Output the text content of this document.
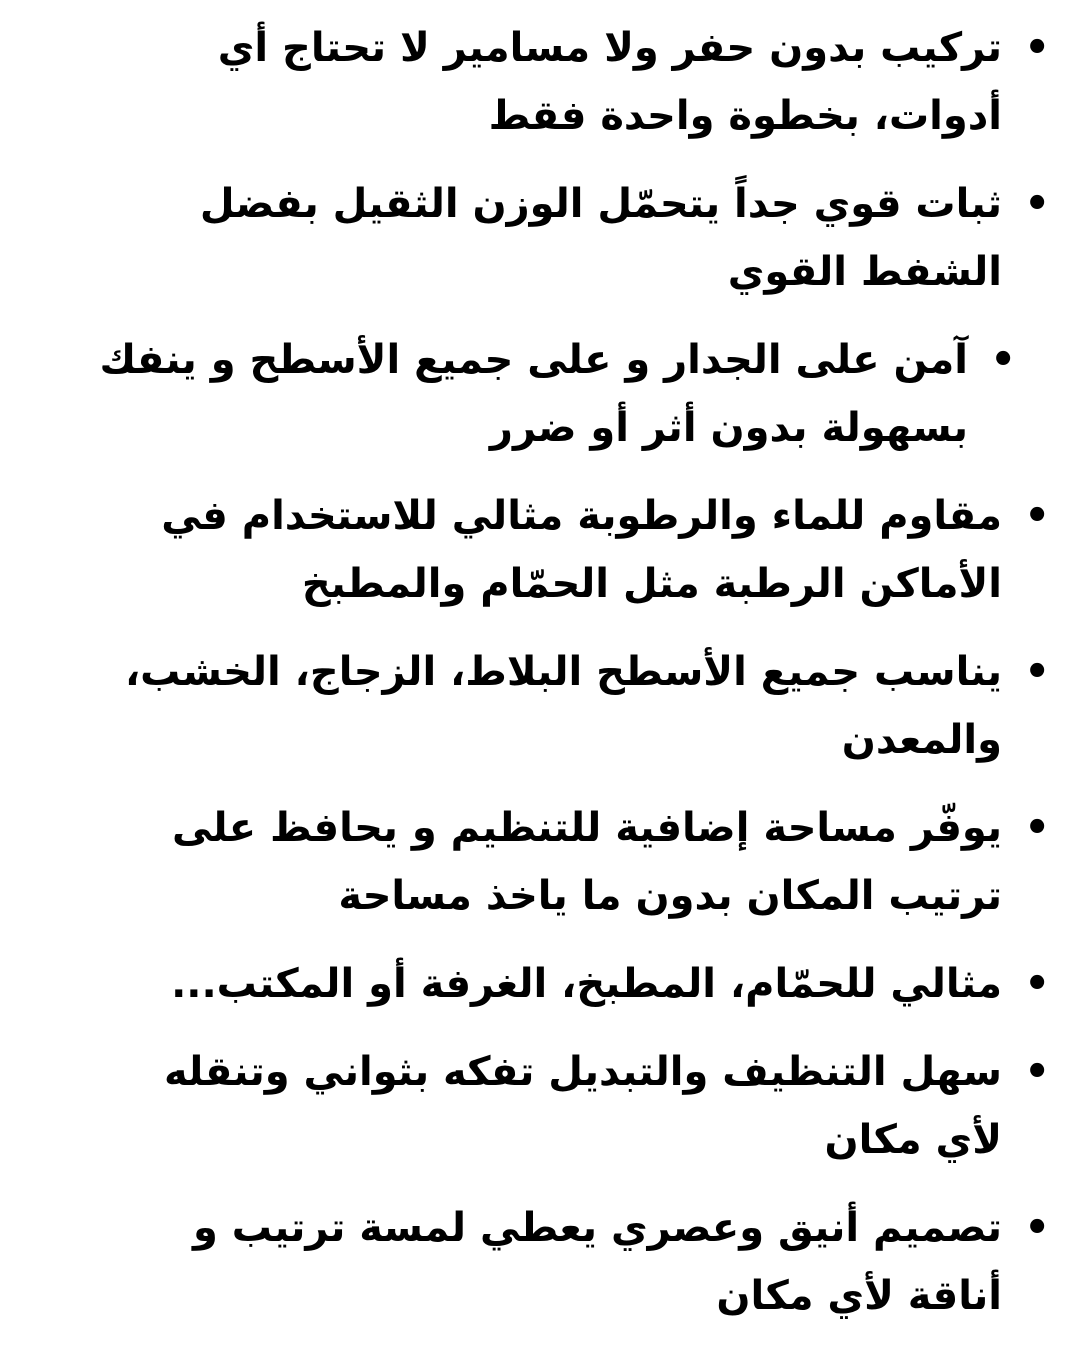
•
تركيب بدون حفر ولا مسامير لا تحتاج أي أدوات، بخطوة واحدة فقط
•
ثبات قوي جداً يتحمّل الوزن الثقيل بفضل الشفط القوي
•
آمن على الجدار و على جميع الأسطح و ينفك بسهولة بدون أثر أو ضرر
•
مقاوم للماء والرطوبة مثالي للاستخدام في الأماكن الرطبة مثل الحمّام والمطبخ
•
يناسب جميع الأسطح البلاط، الزجاج، الخشب، والمعدن
•
يوفّر مساحة إضافية للتنظيم و يحافظ على ترتيب المكان بدون ما ياخذ مساحة
•
مثالي للحمّام، المطبخ، الغرفة أو المكتب...
•
سهل التنظيف والتبديل تفكه بثواني وتنقله لأي مكان
•
تصميم أنيق وعصري يعطي لمسة ترتيب و أناقة لأي مكان
